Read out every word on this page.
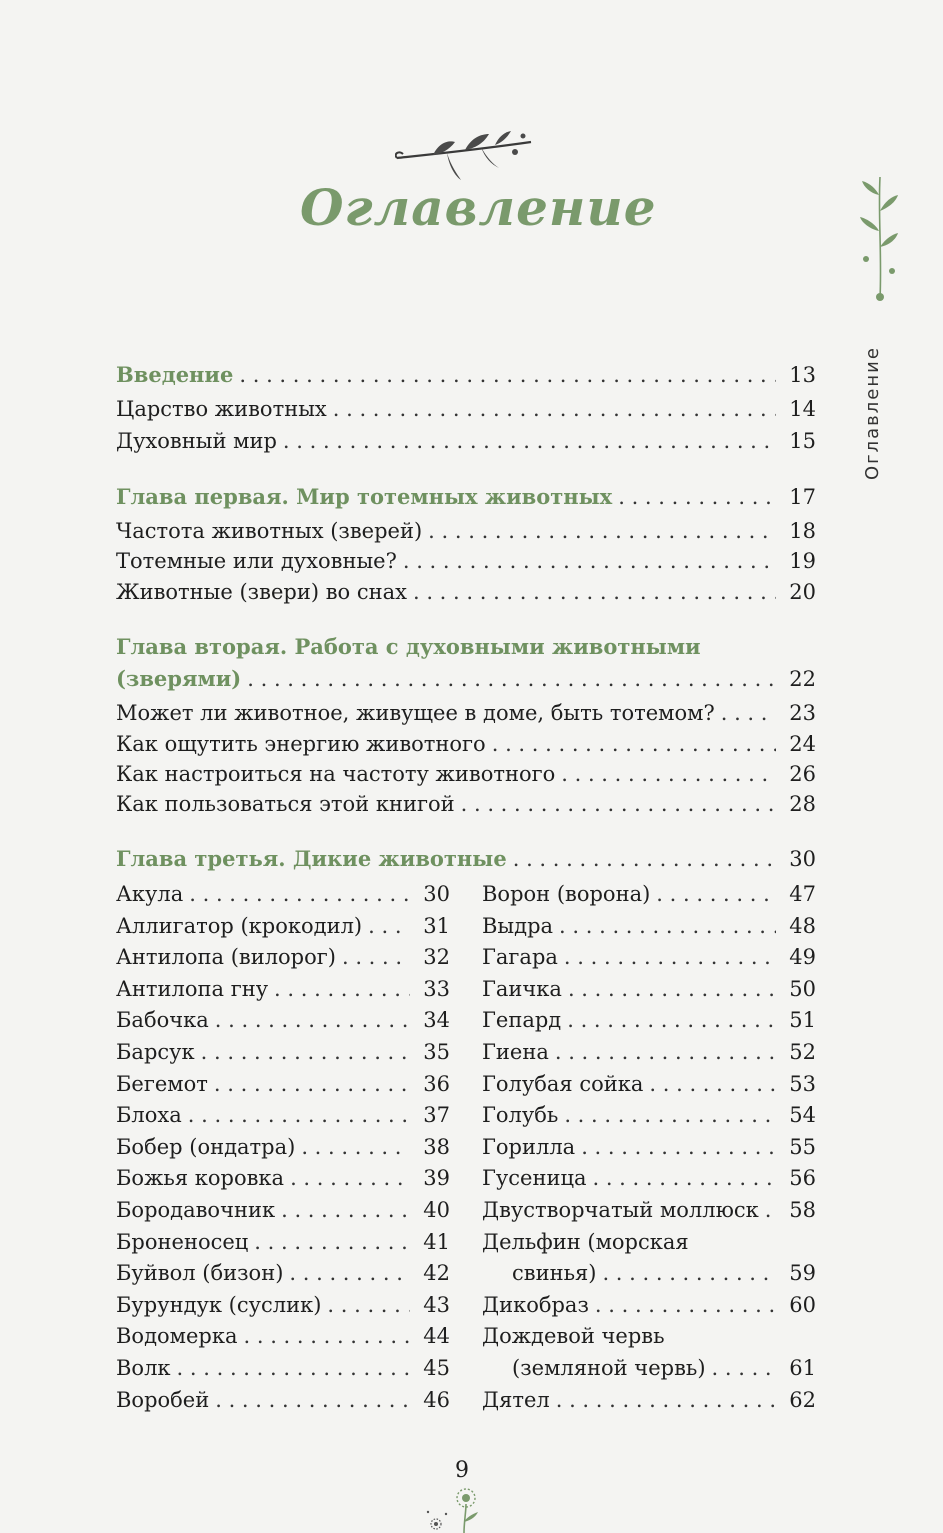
Оглавление
Оглавление
Введение . . .	13
Царство животных . . .	14
Духовный мир . . .	15
Глава первая. Мир тотемных животных . . .	17
Частота животных (зверей) . . .	18
Тотемные или духовные? . . .	19
Животные (звери) во снах . . .	20
Глава вторая. Работа с духовными животными
(зверями) . . .	22
Может ли животное, живущее в доме, быть тотемом? . . .	23
Как ощутить энергию животного . . .	24
Как настроиться на частоту животного . . .	26
Как пользоваться этой книгой . . .	28
Глава третья. Дикие животные . . .	30
Акула . . .	30
Аллигатор (крокодил) . . .	31
Антилопа (вилорог) . . .	32
Антилопа гну . . .	33
Бабочка . . .	34
Барсук . . .	35
Бегемот . . .	36
Блоха . . .	37
Бобер (ондатра) . . .	38
Божья коровка . . .	39
Бородавочник . . .	40
Броненосец . . .	41
Буйвол (бизон) . . .	42
Бурундук (суслик) . . .	43
Водомерка . . .	44
Волк . . .	45
Воробей . . .	46
Ворон (ворона) . . .	47
Выдра . . .	48
Гагара . . .	49
Гаичка . . .	50
Гепард . . .	51
Гиена . . .	52
Голубая сойка . . .	53
Голубь . . .	54
Горилла . . .	55
Гусеница . . .	56
Двустворчатый моллюск . . .	58
Дельфин (морская
свинья) . . .	59
Дикобраз . . .	60
Дождевой червь
(земляной червь) . . .	61
Дятел . . .	62
9
